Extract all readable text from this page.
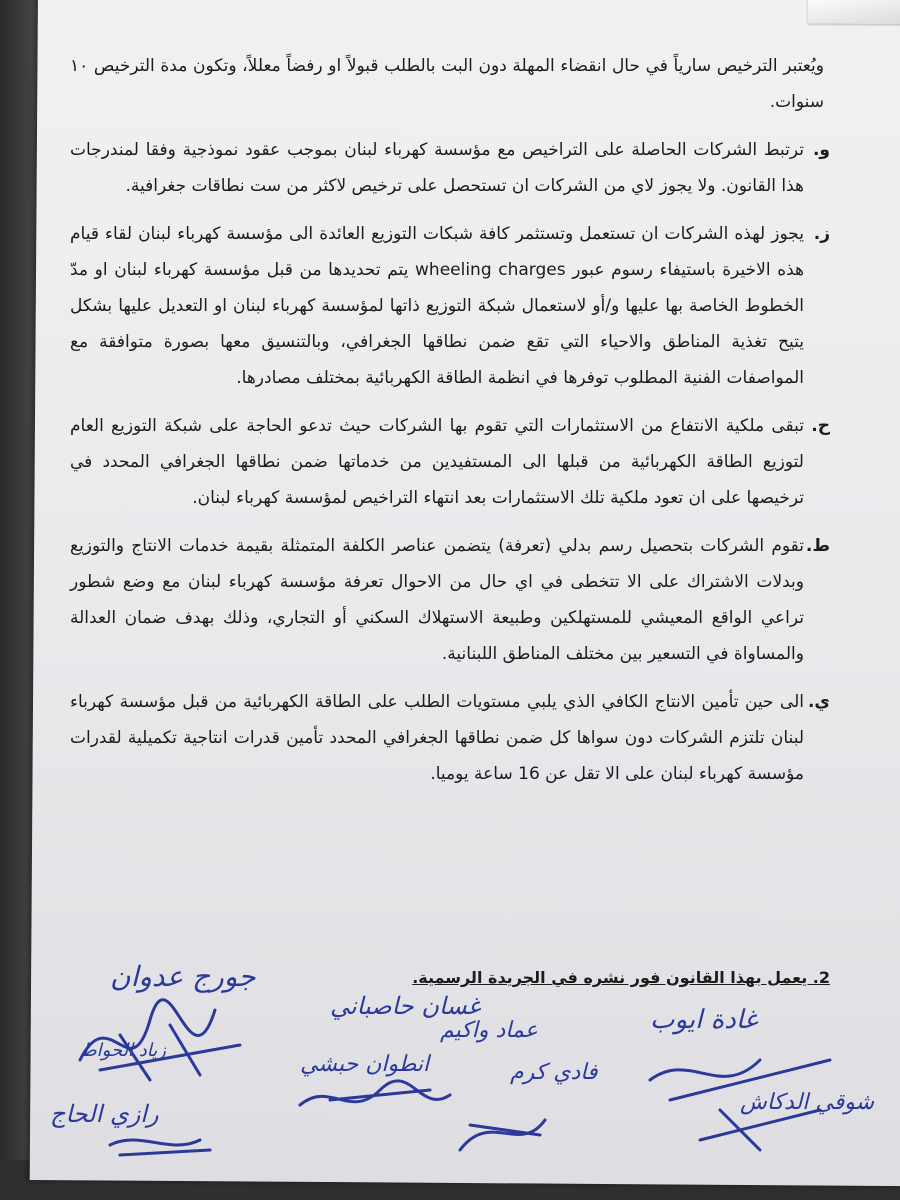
ويُعتبر الترخيص سارياً في حال انقضاء المهلة دون البت بالطلب قبولاً او رفضاً معللاً، وتكون مدة الترخيص ١٠ سنوات.
و.
ترتبط الشركات الحاصلة على التراخيص مع مؤسسة كهرباء لبنان بموجب عقود نموذجية وفقا لمندرجات هذا القانون. ولا يجوز لاي من الشركات ان تستحصل على ترخيص لاكثر من ست نطاقات جغرافية.
ز.
يجوز لهذه الشركات ان تستعمل وتستثمر كافة شبكات التوزيع العائدة الى مؤسسة كهرباء لبنان لقاء قيام هذه الاخيرة باستيفاء رسوم عبور wheeling charges يتم تحديدها من قبل مؤسسة كهرباء لبنان او مدّ الخطوط الخاصة بها عليها و/أو لاستعمال شبكة التوزيع ذاتها لمؤسسة كهرباء لبنان او التعديل عليها بشكل يتيح تغذية المناطق والاحياء التي تقع ضمن نطاقها الجغرافي، وبالتنسيق معها بصورة متوافقة مع المواصفات الفنية المطلوب توفرها في انظمة الطاقة الكهربائية بمختلف مصادرها.
ح.
تبقى ملكية الانتفاع من الاستثمارات التي تقوم بها الشركات حيث تدعو الحاجة على شبكة التوزيع العام لتوزيع الطاقة الكهربائية من قبلها الى المستفيدين من خدماتها ضمن نطاقها الجغرافي المحدد في ترخيصها على ان تعود ملكية تلك الاستثمارات بعد انتهاء التراخيص لمؤسسة كهرباء لبنان.
ط.
تقوم الشركات بتحصيل رسم بدلي (تعرفة) يتضمن عناصر الكلفة المتمثلة بقيمة خدمات الانتاج والتوزيع وبدلات الاشتراك على الا تتخطى في اي حال من الاحوال تعرفة مؤسسة كهرباء لبنان مع وضع شطور تراعي الواقع المعيشي للمستهلكين وطبيعة الاستهلاك السكني أو التجاري، وذلك بهدف ضمان العدالة والمساواة في التسعير بين مختلف المناطق اللبنانية.
ي.
الى حين تأمين الانتاج الكافي الذي يلبي مستويات الطلب على الطاقة الكهربائية من قبل مؤسسة كهرباء لبنان تلتزم الشركات دون سواها كل ضمن نطاقها الجغرافي المحدد تأمين قدرات انتاجية تكميلية لقدرات مؤسسة كهرباء لبنان على الا تقل عن 16 ساعة يوميا.
2. يعمل بهذا القانون فور نشره في الجريدة الرسمية.
جورج عدوان
غسان حاصباني
عماد واكيم	غادة ايوب
انطوان حبشي	فادي كرم
زياد الحواط
رازي الحاج	شوقي الدكاش
